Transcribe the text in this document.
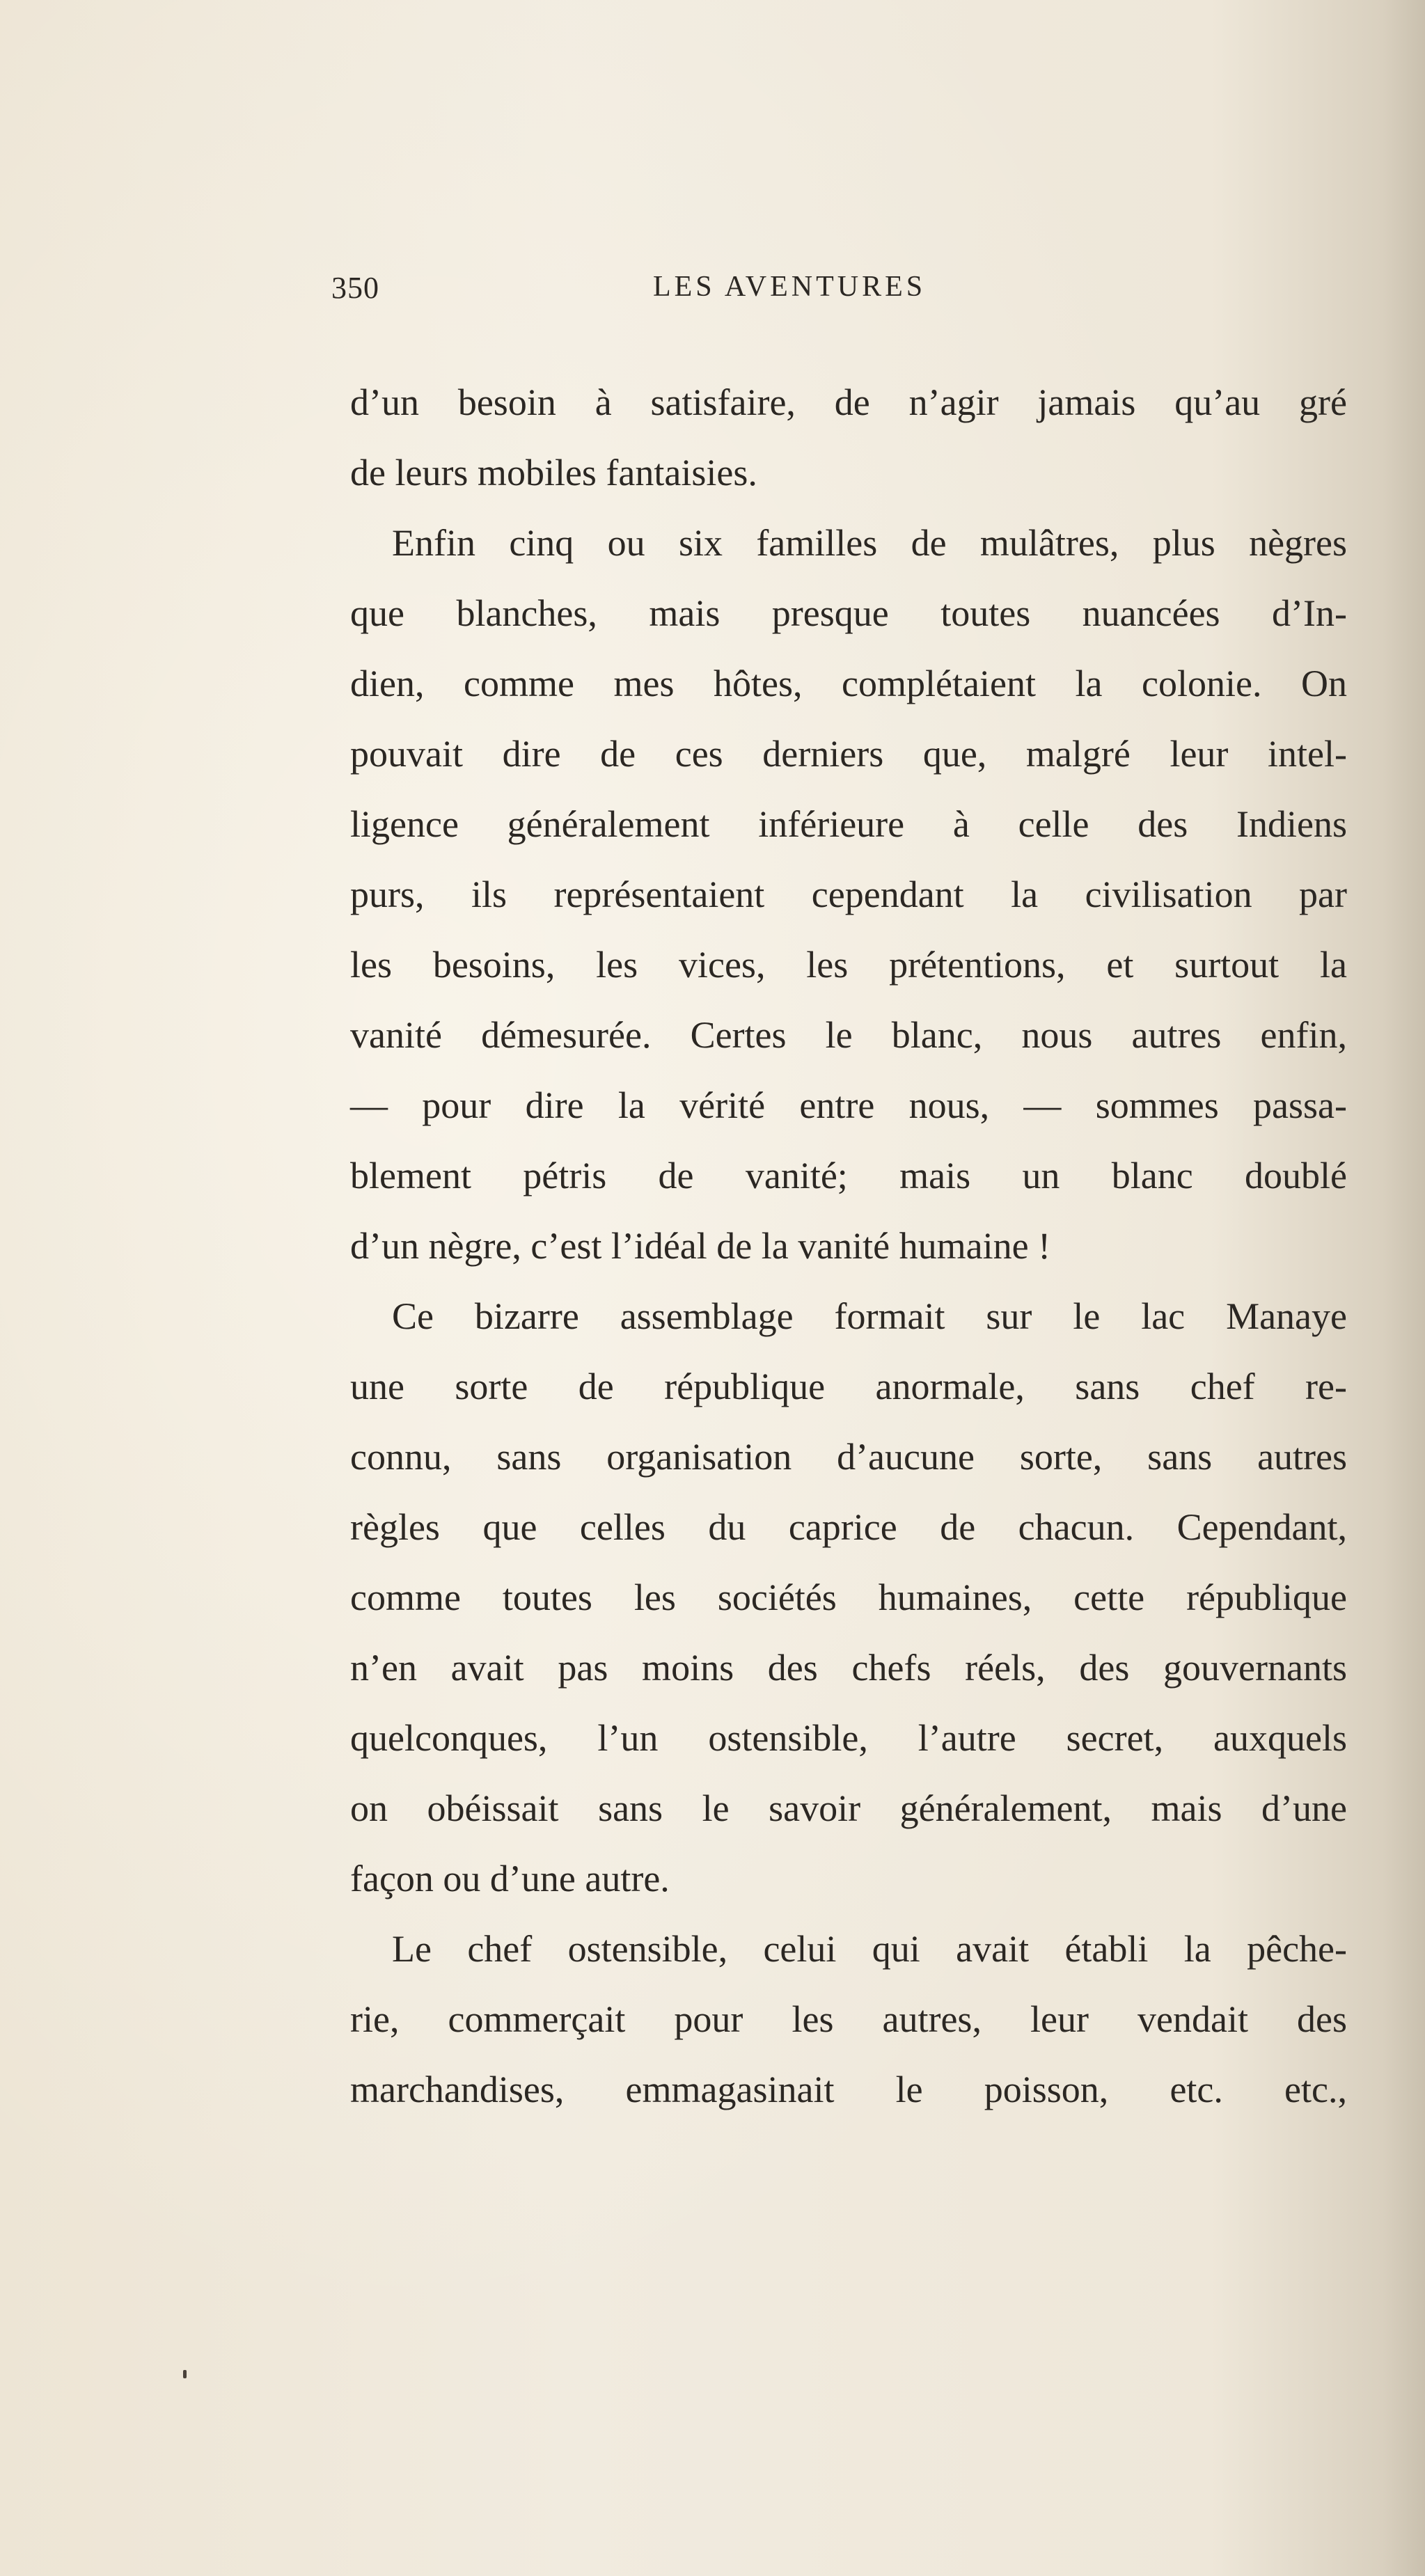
350	LES AVENTURES
d’un besoin à satisfaire, de n’agir jamais qu’au gré
de leurs mobiles fantaisies.
Enfin cinq ou six familles de mulâtres, plus nègres
que blanches, mais presque toutes nuancées d’In-
dien, comme mes hôtes, complétaient la colonie. On
pouvait dire de ces derniers que, malgré leur intel-
ligence généralement inférieure à celle des Indiens
purs, ils représentaient cependant la civilisation par
les besoins, les vices, les prétentions, et surtout la
vanité démesurée. Certes le blanc, nous autres enfin,
— pour dire la vérité entre nous, — sommes passa-
blement pétris de vanité; mais un blanc doublé
d’un nègre, c’est l’idéal de la vanité humaine !
Ce bizarre assemblage formait sur le lac Manaye
une sorte de république anormale, sans chef re-
connu, sans organisation d’aucune sorte, sans autres
règles que celles du caprice de chacun. Cependant,
comme toutes les sociétés humaines, cette république
n’en avait pas moins des chefs réels, des gouvernants
quelconques, l’un ostensible, l’autre secret, auxquels
on obéissait sans le savoir généralement, mais d’une
façon ou d’une autre.
Le chef ostensible, celui qui avait établi la pêche-
rie, commerçait pour les autres, leur vendait des
marchandises, emmagasinait le poisson, etc. etc.,
